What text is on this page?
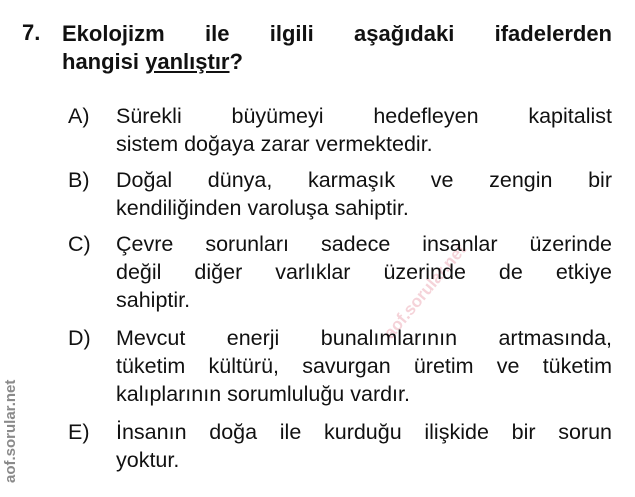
aof.sorular.net
aof.sorular.net
7. Ekolojizm ile ilgili aşağıdaki ifadelerden
hangisi yanlıştır?
A) Sürekli büyümeyi hedefleyen kapitalist
sistem doğaya zarar vermektedir.
B) Doğal dünya, karmaşık ve zengin bir
kendiliğinden varoluşa sahiptir.
C) Çevre sorunları sadece insanlar üzerinde
değil diğer varlıklar üzerinde de etkiye
sahiptir.
D) Mevcut enerji bunalımlarının artmasında,
tüketim kültürü, savurgan üretim ve tüketim
kalıplarının sorumluluğu vardır.
E) İnsanın doğa ile kurduğu ilişkide bir sorun
yoktur.
